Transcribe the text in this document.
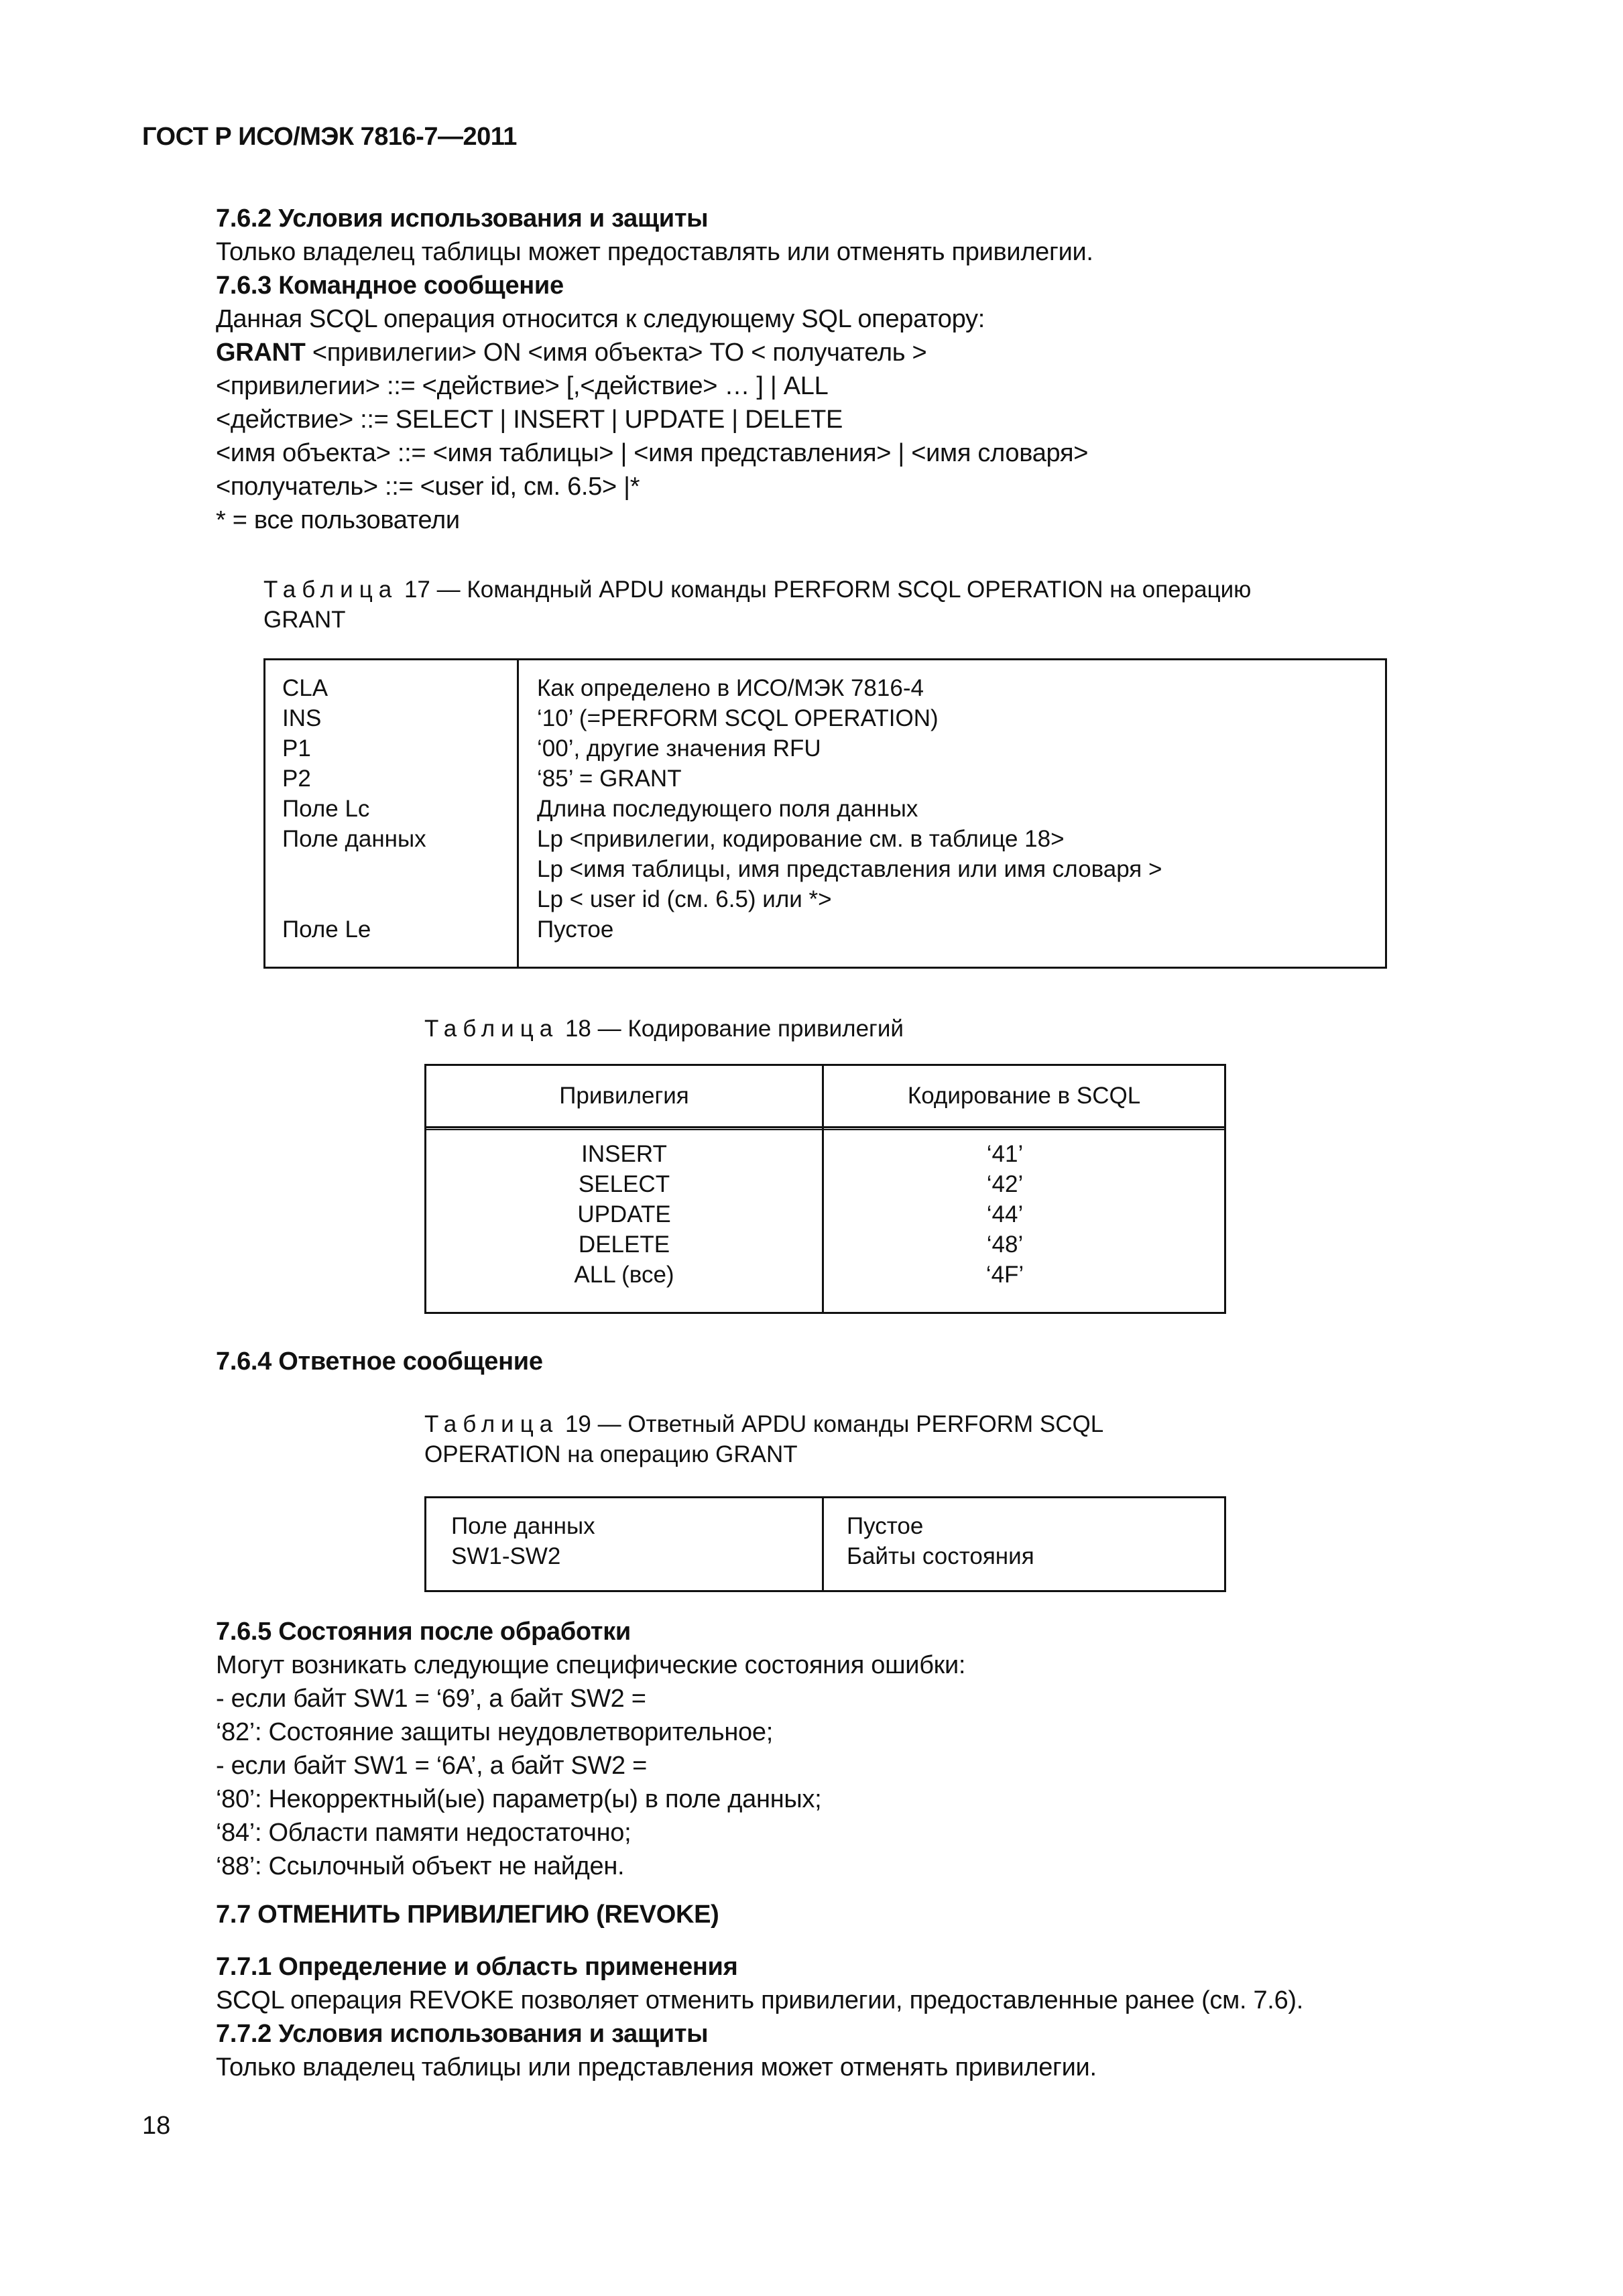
ГОСТ Р ИСО/МЭК 7816-7—2011
7.6.2 Условия использования и защиты
Только владелец таблицы может предоставлять или отменять привилегии.
7.6.3 Командное сообщение
Данная SCQL операция относится к следующему SQL оператору:
GRANT <привилегии> ON <имя объекта> TO < получатель >
<привилегии> ::= <действие> [,<действие> … ] | ALL
<действие> ::= SELECT | INSERT | UPDATE | DELETE
<имя объекта> ::= <имя таблицы> | <имя представления> | <имя словаря>
<получатель> ::= <user id, см. 6.5> |*
* = все пользователи
Таблица 17 — Командный APDU команды PERFORM SCQL OPERATION на операцию
GRANT
CLA
INS
P1
P2
Поле Lc
Поле данных
Поле Le
Как определено в ИСО/МЭК 7816-4
‘10’ (=PERFORM SCQL OPERATION)
‘00’, другие значения RFU
‘85’ = GRANT
Длина последующего поля данных
Lp <привилегии, кодирование см. в таблице 18>
Lp <имя таблицы, имя представления или имя словаря >
Lp < user id (см. 6.5) или *>
Пустое
Таблица 18 — Кодирование привилегий
Привилегия	Кодирование в SCQL
INSERT
SELECT
UPDATE
DELETE
ALL (все)
‘41’
‘42’
‘44’
‘48’
‘4F’
7.6.4 Ответное сообщение
Таблица 19 — Ответный APDU команды PERFORM SCQL
OPERATION на операцию GRANT
Поле данных
SW1-SW2
Пустое
Байты состояния
7.6.5 Состояния после обработки
Могут возникать следующие специфические состояния ошибки:
- если байт SW1 = ‘69’, а байт SW2 =
‘82’: Состояние защиты неудовлетворительное;
- если байт SW1 = ‘6A’, а байт SW2 =
‘80’: Некорректный(ые) параметр(ы) в поле данных;
‘84’: Области памяти недостаточно;
‘88’: Ссылочный объект не найден.
7.7 ОТМЕНИТЬ ПРИВИЛЕГИЮ (REVOKE)
7.7.1 Определение и область применения
SCQL операция REVOKE позволяет отменить привилегии, предоставленные ранее (см. 7.6).
7.7.2 Условия использования и защиты
Только владелец таблицы или представления может отменять привилегии.
18
